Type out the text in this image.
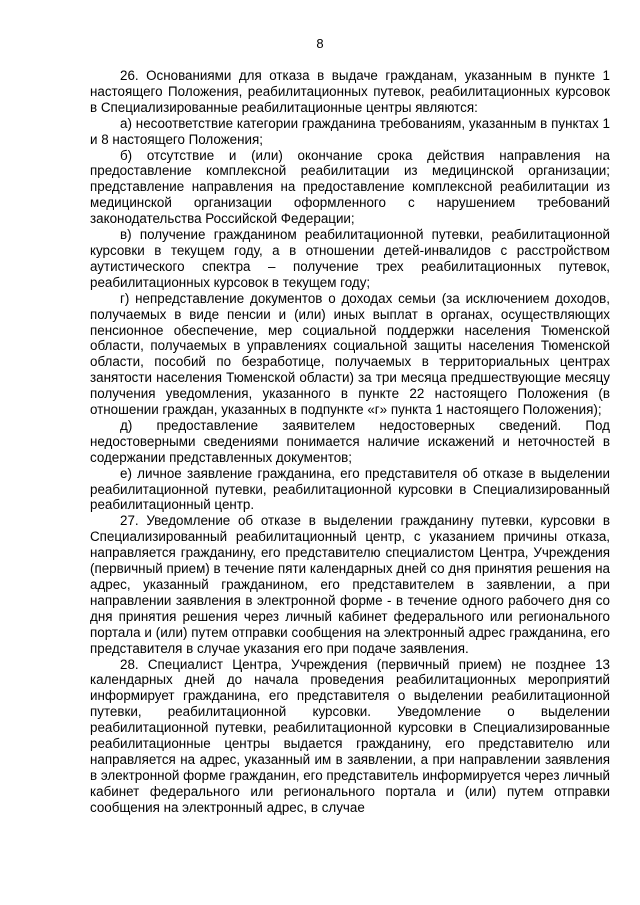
8

26. Основаниями для отказа в выдаче гражданам, указанным в пункте 1 настоящего Положения, реабилитационных путевок, реабилитационных курсовок в Специализированные реабилитационные центры являются:

а) несоответствие категории гражданина требованиям, указанным в пунктах 1 и 8 настоящего Положения;

б) отсутствие и (или) окончание срока действия направления на предоставление комплексной реабилитации из медицинской организации; представление направления на предоставление комплексной реабилитации из медицинской организации оформленного с нарушением требований законодательства Российской Федерации;

в) получение гражданином реабилитационной путевки, реабилитационной курсовки в текущем году, а в отношении детей-инвалидов с расстройством аутистического спектра – получение трех реабилитационных путевок, реабилитационных курсовок в текущем году;

г) непредставление документов о доходах семьи (за исключением доходов, получаемых в виде пенсии и (или) иных выплат в органах, осуществляющих пенсионное обеспечение, мер социальной поддержки населения Тюменской области, получаемых в управлениях социальной защиты населения Тюменской области, пособий по безработице, получаемых в территориальных центрах занятости населения Тюменской области) за три месяца предшествующие месяцу получения уведомления, указанного в пункте 22 настоящего Положения (в отношении граждан, указанных в подпункте «г» пункта 1 настоящего Положения);

д) предоставление заявителем недостоверных сведений. Под недостоверными сведениями понимается наличие искажений и неточностей в содержании представленных документов;

е) личное заявление гражданина, его представителя об отказе в выделении реабилитационной путевки, реабилитационной курсовки в Специализированный реабилитационный центр.

27. Уведомление об отказе в выделении гражданину путевки, курсовки в Специализированный реабилитационный центр, с указанием причины отказа, направляется гражданину, его представителю специалистом Центра, Учреждения (первичный прием) в течение пяти календарных дней со дня принятия решения на адрес, указанный гражданином, его представителем в заявлении, а при направлении заявления в электронной форме - в течение одного рабочего дня со дня принятия решения через личный кабинет федерального или регионального портала и (или) путем отправки сообщения на электронный адрес гражданина, его представителя в случае указания его при подаче заявления.

28. Специалист Центра, Учреждения (первичный прием) не позднее 13 календарных дней до начала проведения реабилитационных мероприятий информирует гражданина, его представителя о выделении реабилитационной путевки, реабилитационной курсовки. Уведомление о выделении реабилитационной путевки, реабилитационной курсовки в Специализированные реабилитационные центры выдается гражданину, его представителю или направляется на адрес, указанный им в заявлении, а при направлении заявления в электронной форме гражданин, его представитель информируется через личный кабинет федерального или регионального портала и (или) путем отправки сообщения на электронный адрес, в случае
